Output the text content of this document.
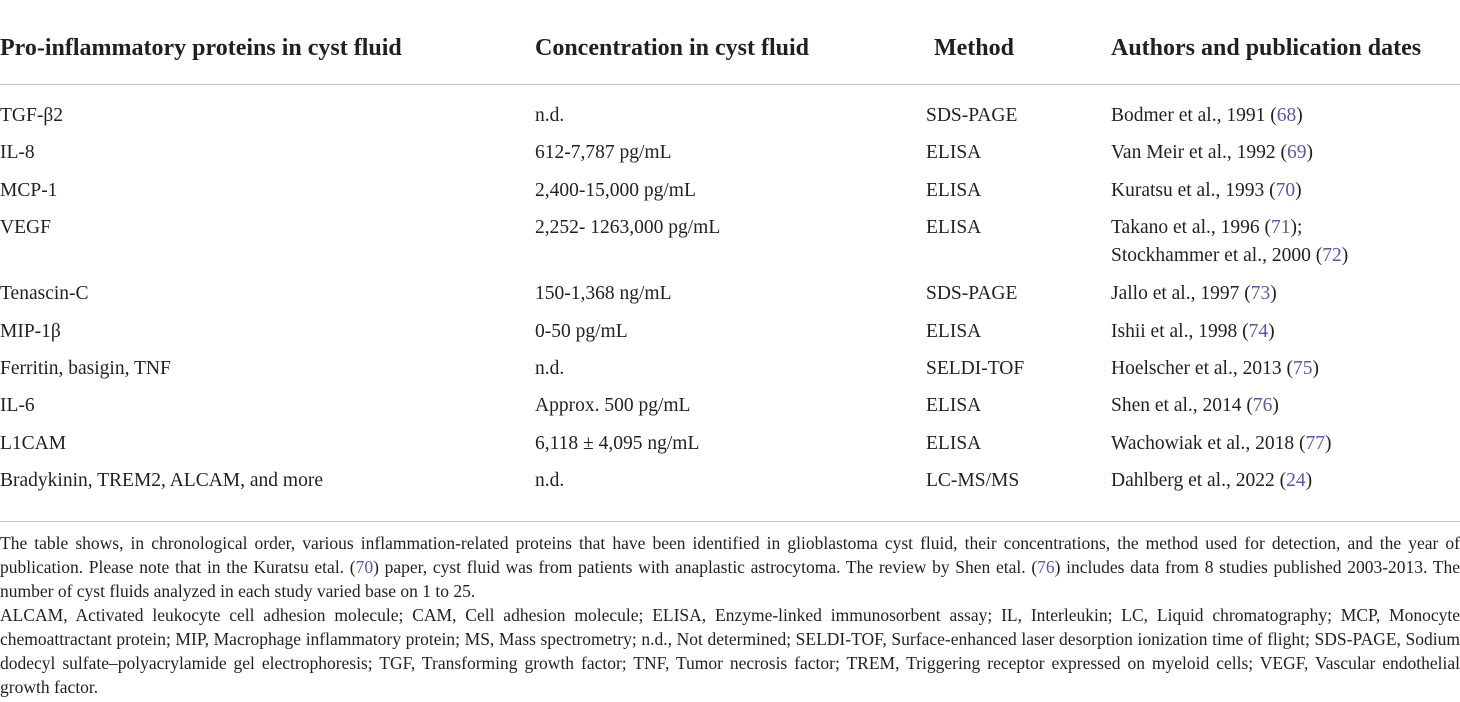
Pro-inflammatory proteins in cyst fluid	Concentration in cyst fluid	Method	Authors and publication dates
TGF-β2	n.d.	SDS-PAGE	Bodmer et al., 1991 (68)
IL-8	612-7,787 pg/mL	ELISA	Van Meir et al., 1992 (69)
MCP-1	2,400-15,000 pg/mL	ELISA	Kuratsu et al., 1993 (70)
VEGF	2,252- 1263,000 pg/mL	ELISA	Takano et al., 1996 (71);
Stockhammer et al., 2000 (72)
Tenascin-C	150-1,368 ng/mL	SDS-PAGE	Jallo et al., 1997 (73)
MIP-1β	0-50 pg/mL	ELISA	Ishii et al., 1998 (74)
Ferritin, basigin, TNF	n.d.	SELDI-TOF	Hoelscher et al., 2013 (75)
IL-6	Approx. 500 pg/mL	ELISA	Shen et al., 2014 (76)
L1CAM	6,118 ± 4,095 ng/mL	ELISA	Wachowiak et al., 2018 (77)
Bradykinin, TREM2, ALCAM, and more	n.d.	LC-MS/MS	Dahlberg et al., 2022 (24)

The table shows, in chronological order, various inflammation-related proteins that have been identified in glioblastoma cyst fluid, their concentrations, the method used for detection, and the year of publication. Please note that in the Kuratsu etal. (70) paper, cyst fluid was from patients with anaplastic astrocytoma. The review by Shen etal. (76) includes data from 8 studies published 2003-2013. The number of cyst fluids analyzed in each study varied base on 1 to 25.

ALCAM, Activated leukocyte cell adhesion molecule; CAM, Cell adhesion molecule; ELISA, Enzyme-linked immunosorbent assay; IL, Interleukin; LC, Liquid chromatography; MCP, Monocyte chemoattractant protein; MIP, Macrophage inflammatory protein; MS, Mass spectrometry; n.d., Not determined; SELDI-TOF, Surface-enhanced laser desorption ionization time of flight; SDS-PAGE, Sodium dodecyl sulfate–polyacrylamide gel electrophoresis; TGF, Transforming growth factor; TNF, Tumor necrosis factor; TREM, Triggering receptor expressed on myeloid cells; VEGF, Vascular endothelial growth factor.
